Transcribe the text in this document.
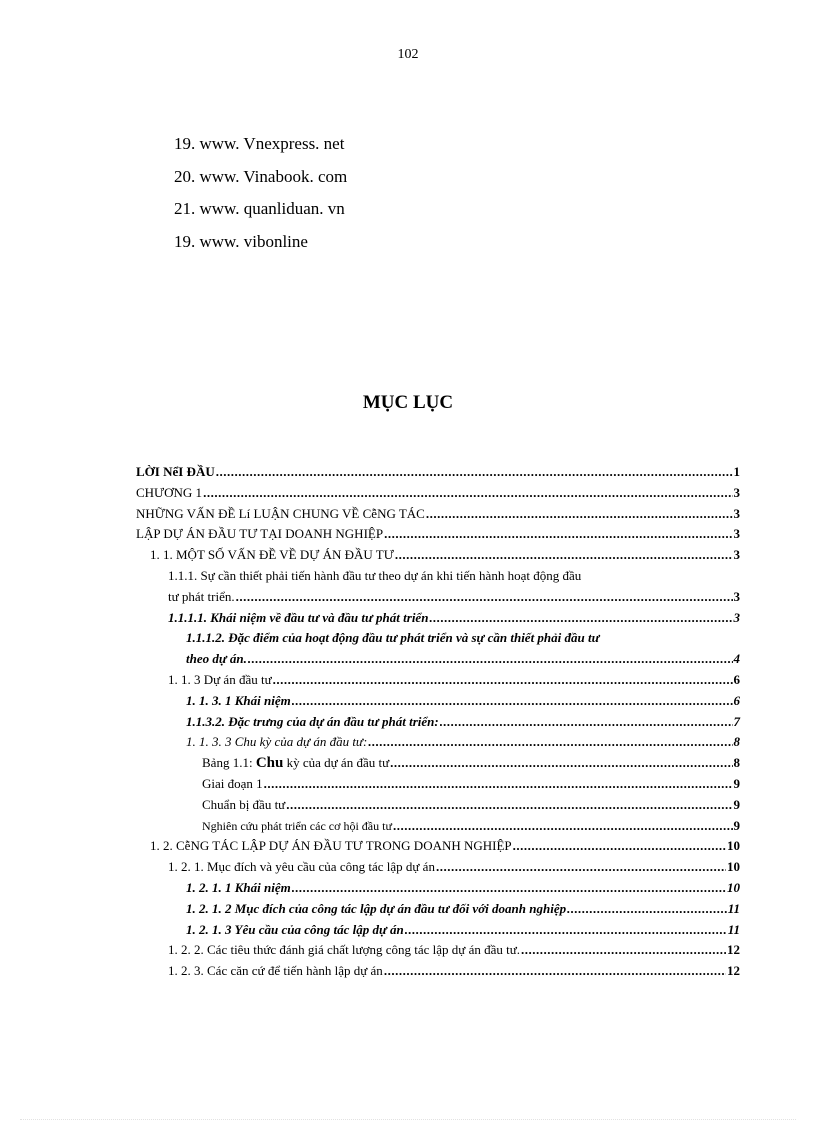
102
19. www. Vnexpress. net
20. www. Vinabook. com
21. www. quanliduan. vn
19. www. vibonline
MỤC LỤC
LỜI NểI ĐẦU .....	1
CHƯƠNG 1 .....	3
NHỮNG VẤN ĐỀ Lí LUẬN CHUNG VỀ CễNG TÁC .....	3
LẬP DỰ ÁN ĐẦU TƯ TẠI DOANH NGHIỆP .....	3
1. 1. MỘT SỐ VẤN ĐỀ VỀ DỰ ÁN ĐẦU TƯ .....	3
1.1.1. Sự cần thiết phải tiến hành đầu tư theo dự án khi tiến hành hoạt động đầu
tư phát triển. .....	3
1.1.1.1. Khái niệm về đầu tư và đầu tư phát triển .....	3
1.1.1.2. Đặc điểm của hoạt động đầu tư phát triển và sự cần thiết phải đầu tư
theo dự án. .....	4
1. 1. 3 Dự án đầu tư .....	6
1. 1. 3. 1 Khái niệm .....	6
1.1.3.2. Đặc trưng của dự án đầu tư phát triển: .....	7
1. 1. 3. 3 Chu kỳ của dự án đầu tư: .....	8
Bảng 1.1: Chu kỳ của dự án đầu tư .....	8
Giai đoạn 1 .....	9
Chuẩn bị đầu tư .....	9
Nghiên cứu phát triển các cơ hội đầu tư .....	9
1. 2. CễNG TÁC LẬP DỰ ÁN ĐẦU TƯ TRONG DOANH NGHIỆP .....	10
1. 2. 1. Mục đích và yêu cầu của công tác lập dự án .....	10
1. 2. 1. 1 Khái niệm .....	10
1. 2. 1. 2 Mục đích của công tác lập dự án đầu tư đối với doanh nghiệp .....	11
1. 2. 1. 3 Yêu cầu của công tác lập dự án .....	11
1. 2. 2. Các tiêu thức đánh giá chất lượng công tác lập dự án đầu tư. .....	12
1. 2. 3. Các căn cứ để tiến hành lập dự án .....	12
